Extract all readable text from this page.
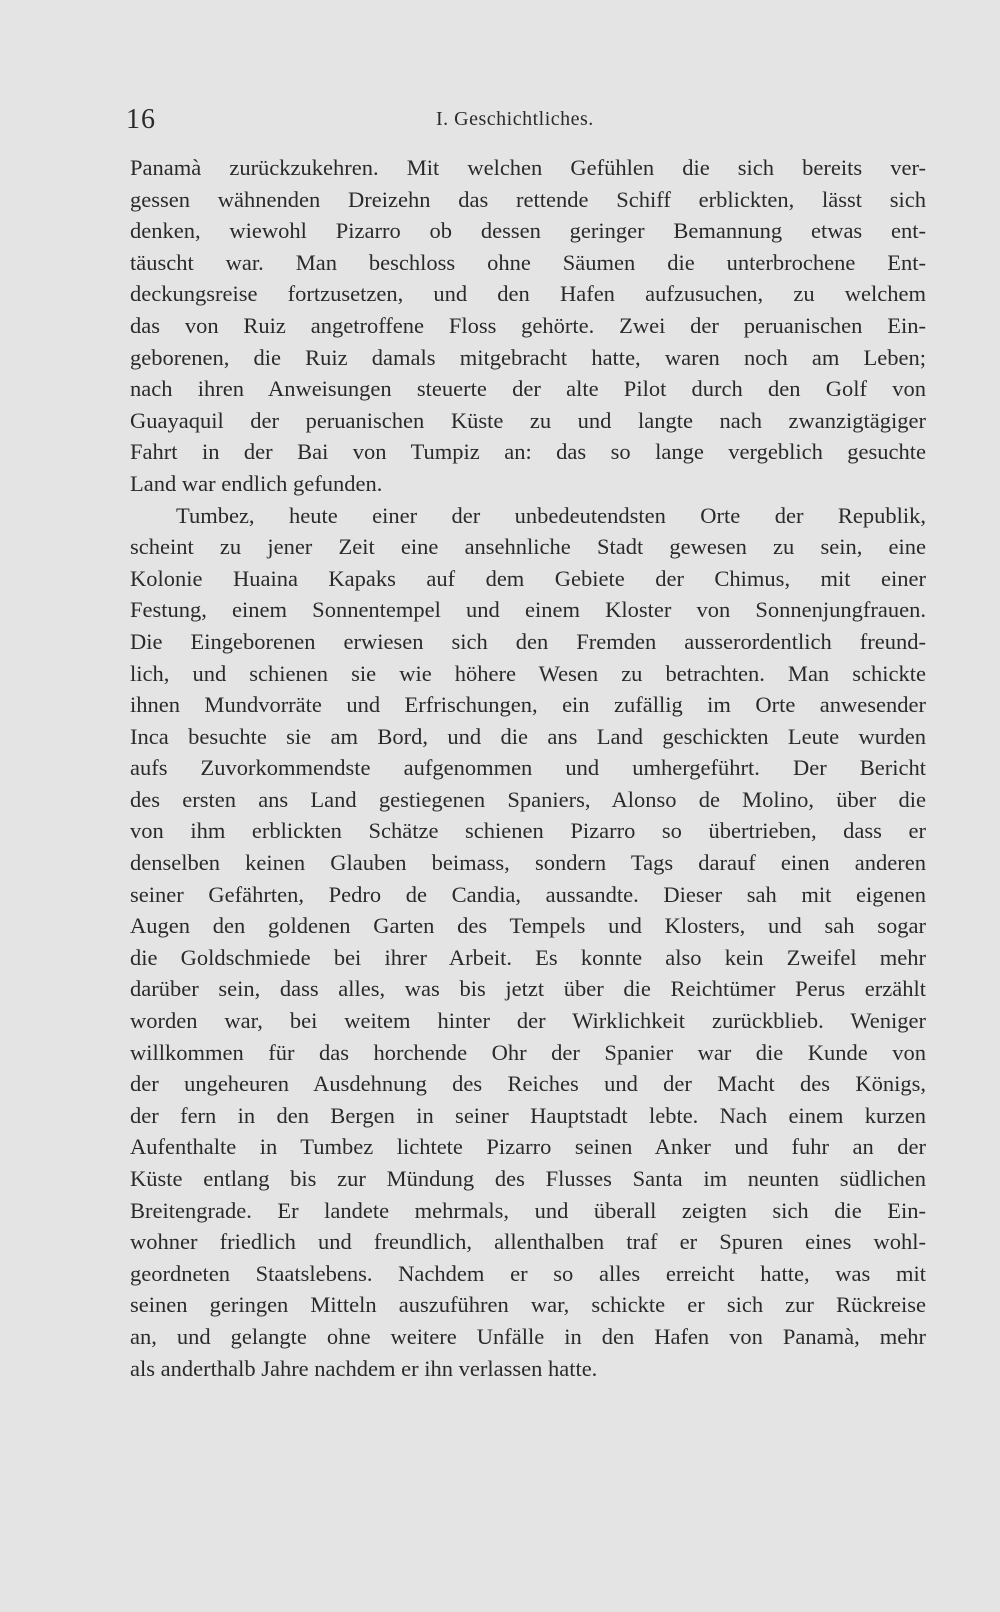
16	I. Geschichtliches.
Panamà zurückzukehren. Mit welchen Gefühlen die sich bereits ver-
gessen wähnenden Dreizehn das rettende Schiff erblickten, lässt sich
denken, wiewohl Pizarro ob dessen geringer Bemannung etwas ent-
täuscht war. Man beschloss ohne Säumen die unterbrochene Ent-
deckungsreise fortzusetzen, und den Hafen aufzusuchen, zu welchem
das von Ruiz angetroffene Floss gehörte. Zwei der peruanischen Ein-
geborenen, die Ruiz damals mitgebracht hatte, waren noch am Leben;
nach ihren Anweisungen steuerte der alte Pilot durch den Golf von
Guayaquil der peruanischen Küste zu und langte nach zwanzigtägiger
Fahrt in der Bai von Tumpiz an: das so lange vergeblich gesuchte
Land war endlich gefunden.
Tumbez, heute einer der unbedeutendsten Orte der Republik,
scheint zu jener Zeit eine ansehnliche Stadt gewesen zu sein, eine
Kolonie Huaina Kapaks auf dem Gebiete der Chimus, mit einer
Festung, einem Sonnentempel und einem Kloster von Sonnenjungfrauen.
Die Eingeborenen erwiesen sich den Fremden ausserordentlich freund-
lich, und schienen sie wie höhere Wesen zu betrachten. Man schickte
ihnen Mundvorräte und Erfrischungen, ein zufällig im Orte anwesender
Inca besuchte sie am Bord, und die ans Land geschickten Leute wurden
aufs Zuvorkommendste aufgenommen und umhergeführt. Der Bericht
des ersten ans Land gestiegenen Spaniers, Alonso de Molino, über die
von ihm erblickten Schätze schienen Pizarro so übertrieben, dass er
denselben keinen Glauben beimass, sondern Tags darauf einen anderen
seiner Gefährten, Pedro de Candia, aussandte. Dieser sah mit eigenen
Augen den goldenen Garten des Tempels und Klosters, und sah sogar
die Goldschmiede bei ihrer Arbeit. Es konnte also kein Zweifel mehr
darüber sein, dass alles, was bis jetzt über die Reichtümer Perus erzählt
worden war, bei weitem hinter der Wirklichkeit zurückblieb. Weniger
willkommen für das horchende Ohr der Spanier war die Kunde von
der ungeheuren Ausdehnung des Reiches und der Macht des Königs,
der fern in den Bergen in seiner Hauptstadt lebte. Nach einem kurzen
Aufenthalte in Tumbez lichtete Pizarro seinen Anker und fuhr an der
Küste entlang bis zur Mündung des Flusses Santa im neunten südlichen
Breitengrade. Er landete mehrmals, und überall zeigten sich die Ein-
wohner friedlich und freundlich, allenthalben traf er Spuren eines wohl-
geordneten Staatslebens. Nachdem er so alles erreicht hatte, was mit
seinen geringen Mitteln auszuführen war, schickte er sich zur Rückreise
an, und gelangte ohne weitere Unfälle in den Hafen von Panamà, mehr
als anderthalb Jahre nachdem er ihn verlassen hatte.
